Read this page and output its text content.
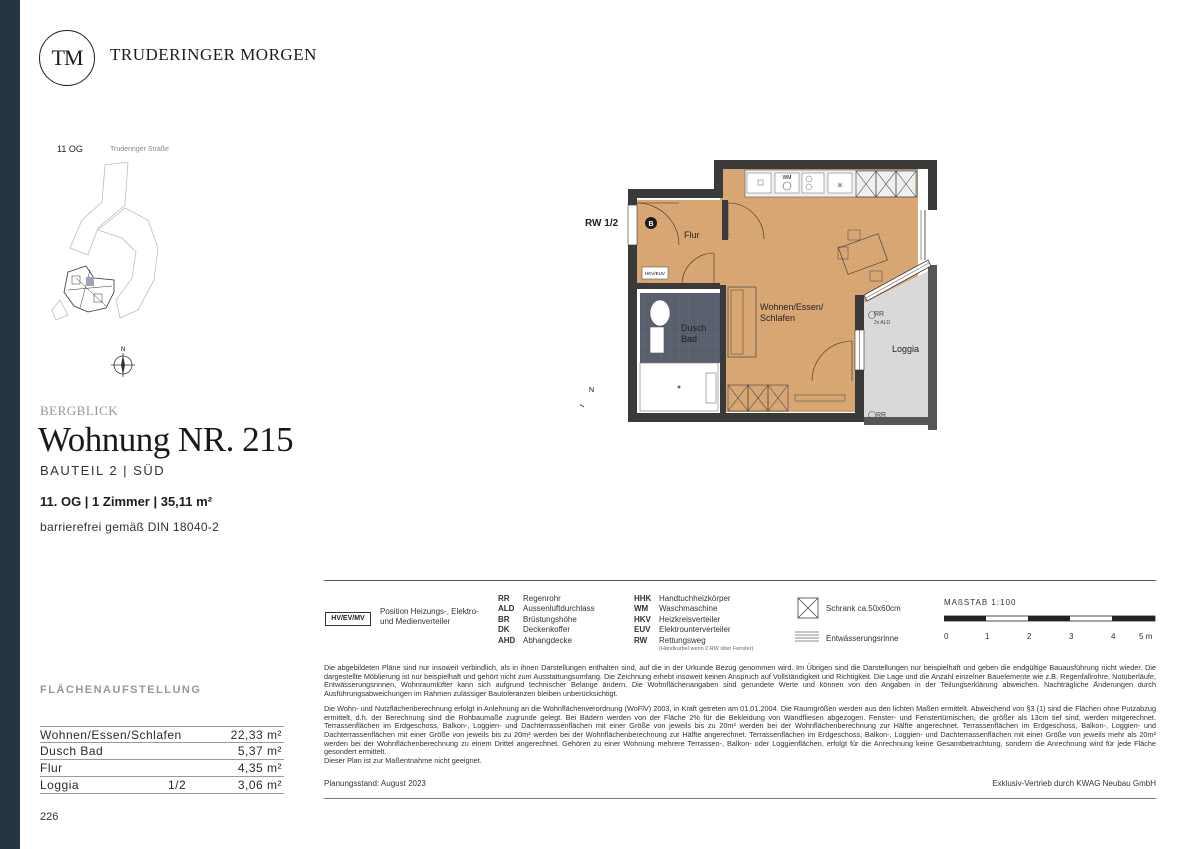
TM	TRUDERINGER MORGEN
11 OG	Truderinger Straße
N
BERGBLICK
Wohnung NR. 215
BAUTEIL 2 | SÜD
11. OG | 1 Zimmer | 35,11 m²
barrierefrei gemäß DIN 18040-2
FLÄCHENAUFSTELLUNG
Wohnen/Essen/Schlafen	22,33 m²
Dusch Bad	5,37 m²
Flur	4,35 m²
Loggia	1/2	3,06 m²
226
WM
✳
HKV/EUV
B
N
RW 1/2
Flur
Wohnen/Essen/
Schlafen
Dusch
Bad
Loggia
RR
2x ALD
RR
HV/EV/MV
Position Heizungs-, Elektro- und Medienverteiler
RR Regenrohr
ALD Aussenluftdurchlass
BR Brüstungshöhe
DK Deckenkoffer
AHD Abhangdecke
HHK Handtuchheizkörper
WM Waschmaschine
HKV Heizkreisverteiler
EUV Elektrounterverteiler
RW Rettungsweg
(Handkurbel wenn 2.RW über Fenster)
Schrank ca.50x60cm
Entwässerungsrinne
MAßSTAB 1:100
0	1	2	3	4	5 m

Die abgebildeten Pläne sind nur insoweit verbindlich, als in ihnen Darstellungen enthalten sind, auf die in der Urkunde Bezug genommen wird. Im Übrigen sind die Darstellungen nur beispielhaft und geben die endgültige Bauausführung nicht wieder. Die dargestellte Möblierung ist nur beispielhaft und gehört nicht zum Ausstattungsumfang. Die Zeichnung erhebt insoweit keinen Anspruch auf Vollständigkeit und Richtigkeit. Die Lage und die Anzahl einzelner Bauelemente wie z.B. Regenfallrohre, Notüberläufe, Entwässerungsrinnen, Wohnraumlüfter kann sich aufgrund technischer Belange ändern. Die Wohnflächenangaben sind gerundete Werte und können von den Angaben in der Teilungserklärung abweichen. Nachträgliche Änderungen durch Ausführungsabweichungen im Rahmen zulässiger Bautoleranzen bleiben unberücksichtigt.

Die Wohn- und Nutzflächenberechnung erfolgt in Anlehnung an die Wohnflächenverordnung (WoFlV) 2003, in Kraft getreten am 01.01.2004. Die Raumgrößen werden aus den lichten Maßen ermittelt. Abweichend von §3 (1) sind die Flächen ohne Putzabzug ermittelt, d.h. der Berechnung sind die Rohbaumaße zugrunde gelegt. Bei Bädern werden von der Fläche 2% für die Bekleidung von Wandfliesen abgezogen. Fenster- und Fenstertürnischen, die größer als 13cm tief sind, werden mitgerechnet. Terrassenflächen im Erdgeschoss, Balkon-, Loggien- und Dachterrassenflächen mit einer Größe von jeweils bis zu 20m² werden bei der Wohnflächenberechnung zur Hälfte angerechnet. Terrassenflächen im Erdgeschoss, Balkon-, Loggien- und Dachterrassenflächen mit einer Größe von jeweils bis zu 20m² werden bei der Wohnflächenberechnung zur Hälfte angerechnet. Terrassenflächen im Erdgeschoss, Balkon-, Loggien- und Dachterrassenflächen mit einer Größe von jeweils mehr als 20m² werden bei der Wohnflächenberechnung zu einem Drittel angerechnet. Gehören zu einer Wohnung mehrere Terrassen-, Balkon- oder Loggienflächen, erfolgt für die Anrechnung keine Gesamtbetrachtung, sondern die Anrechnung wird für jede Fläche gesondert ermittelt.

Dieser Plan ist zur Maßentnahme nicht geeignet.
Planungsstand: August 2023	Exklusiv-Vertrieb durch KWAG Neubau GmbH
